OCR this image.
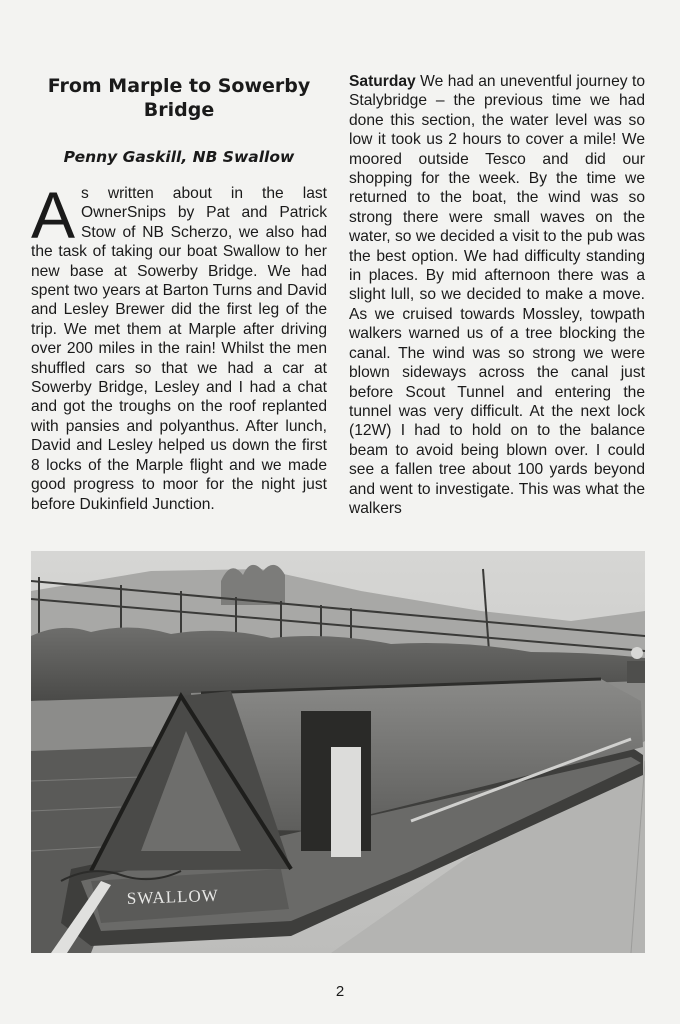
From Marple to Sowerby Bridge
Penny Gaskill, NB Swallow

As written about in the last OwnerSnips by Pat and Patrick Stow of NB Scherzo, we also had the task of taking our boat Swallow to her new base at Sowerby Bridge. We had spent two years at Barton Turns and David and Lesley Brewer did the first leg of the trip. We met them at Marple after driving over 200 miles in the rain! Whilst the men shuffled cars so that we had a car at Sowerby Bridge, Lesley and I had a chat and got the troughs on the roof replanted with pansies and polyanthus. After lunch, David and Lesley helped us down the first 8 locks of the Marple flight and we made good progress to moor for the night just before Dukinfield Junction.

Saturday We had an uneventful journey to Stalybridge – the previous time we had done this section, the water level was so low it took us 2 hours to cover a mile! We moored outside Tesco and did our shopping for the week. By the time we returned to the boat, the wind was so strong there were small waves on the water, so we decided a visit to the pub was the best option. We had difficulty standing in places. By mid afternoon there was a slight lull, so we decided to make a move. As we cruised towards Mossley, towpath walkers warned us of a tree blocking the canal. The wind was so strong we were blown sideways across the canal just before Scout Tunnel and entering the tunnel was very difficult. At the next lock (12W) I had to hold on to the balance beam to avoid being blown over. I could see a fallen tree about 100 yards beyond and went to investigate. This was what the walkers

SWALLOW
2
